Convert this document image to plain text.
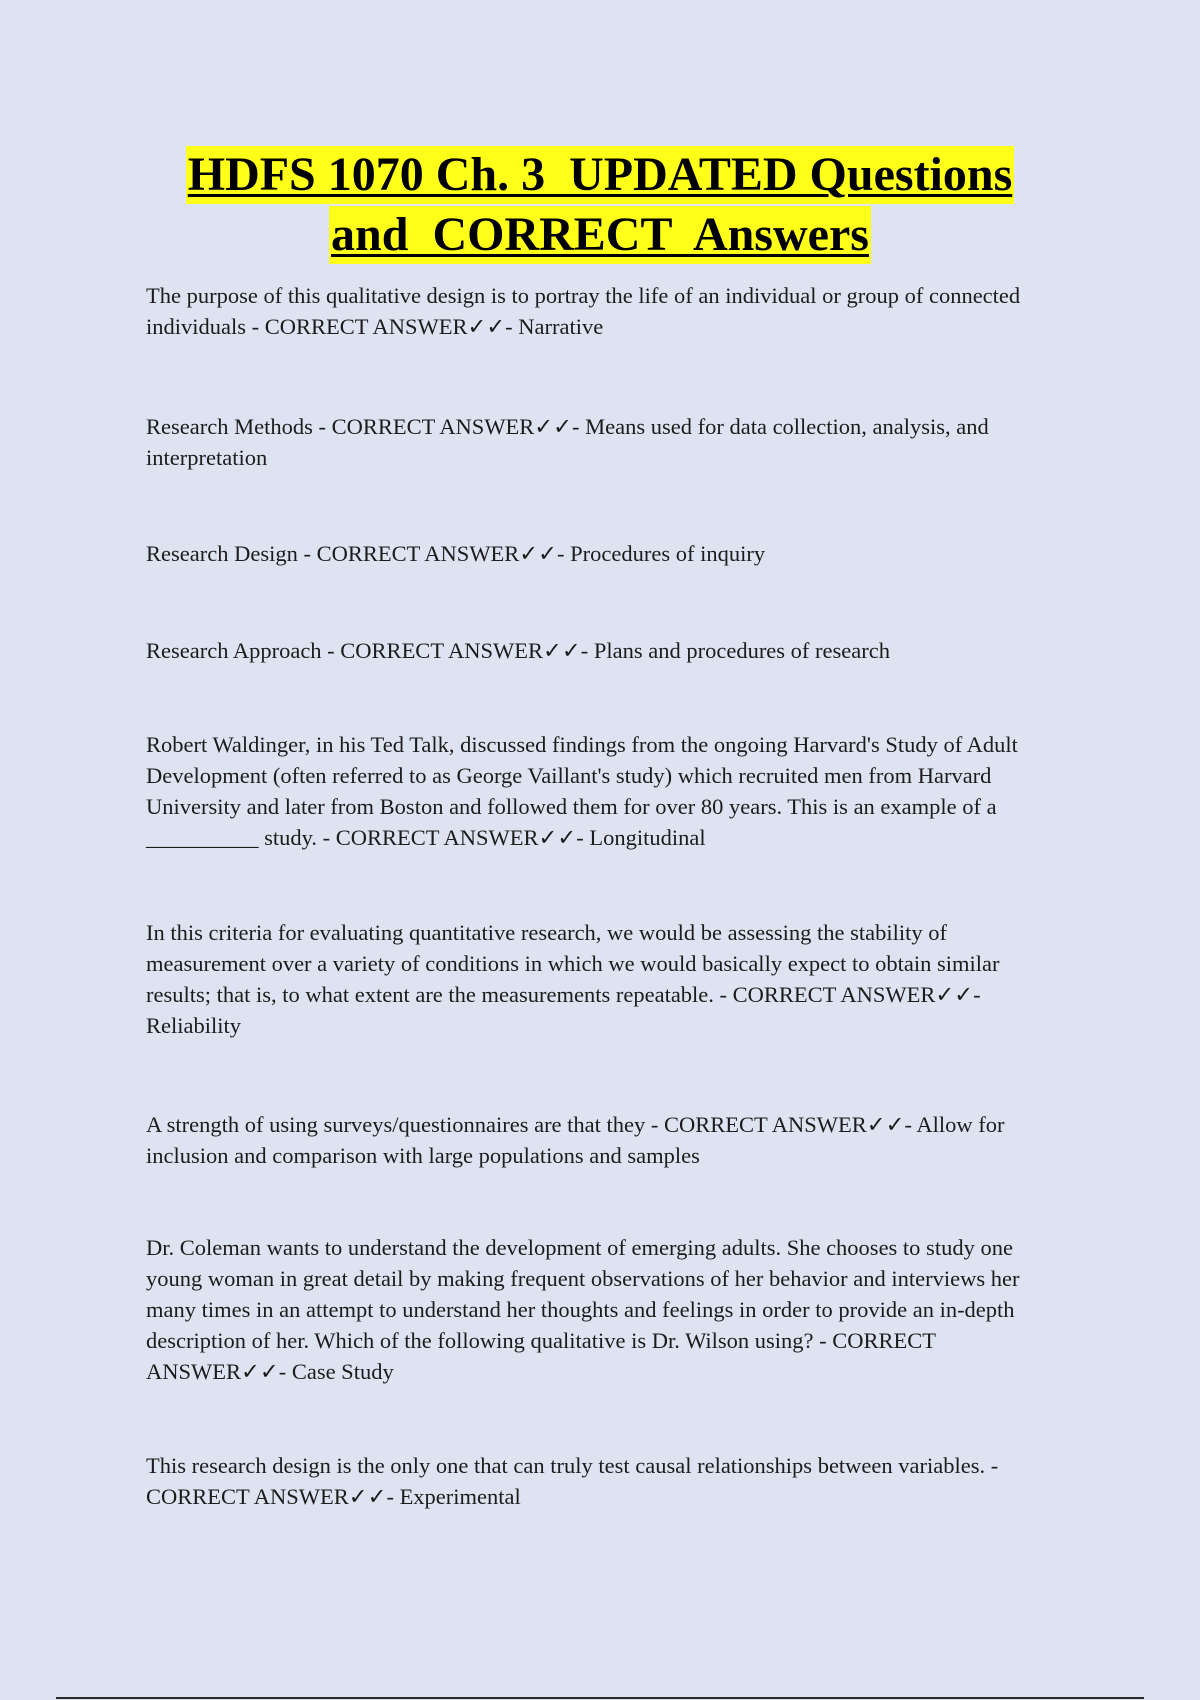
HDFS 1070 Ch. 3  UPDATED Questions
and  CORRECT  Answers
The purpose of this qualitative design is to portray the life of an individual or group of connected individuals - CORRECT ANSWER✓✓- Narrative
Research Methods - CORRECT ANSWER✓✓- Means used for data collection, analysis, and interpretation
Research Design - CORRECT ANSWER✓✓- Procedures of inquiry
Research Approach - CORRECT ANSWER✓✓- Plans and procedures of research
Robert Waldinger, in his Ted Talk, discussed findings from the ongoing Harvard's Study of Adult Development (often referred to as George Vaillant's study) which recruited men from Harvard University and later from Boston and followed them for over 80 years. This is an example of a __________ study. - CORRECT ANSWER✓✓- Longitudinal
In this criteria for evaluating quantitative research, we would be assessing the stability of measurement over a variety of conditions in which we would basically expect to obtain similar results; that is, to what extent are the measurements repeatable. - CORRECT ANSWER✓✓- Reliability
A strength of using surveys/questionnaires are that they - CORRECT ANSWER✓✓- Allow for inclusion and comparison with large populations and samples
Dr. Coleman wants to understand the development of emerging adults. She chooses to study one young woman in great detail by making frequent observations of her behavior and interviews her many times in an attempt to understand her thoughts and feelings in order to provide an in-depth description of her. Which of the following qualitative is Dr. Wilson using? - CORRECT ANSWER✓✓- Case Study
This research design is the only one that can truly test causal relationships between variables. - CORRECT ANSWER✓✓- Experimental
